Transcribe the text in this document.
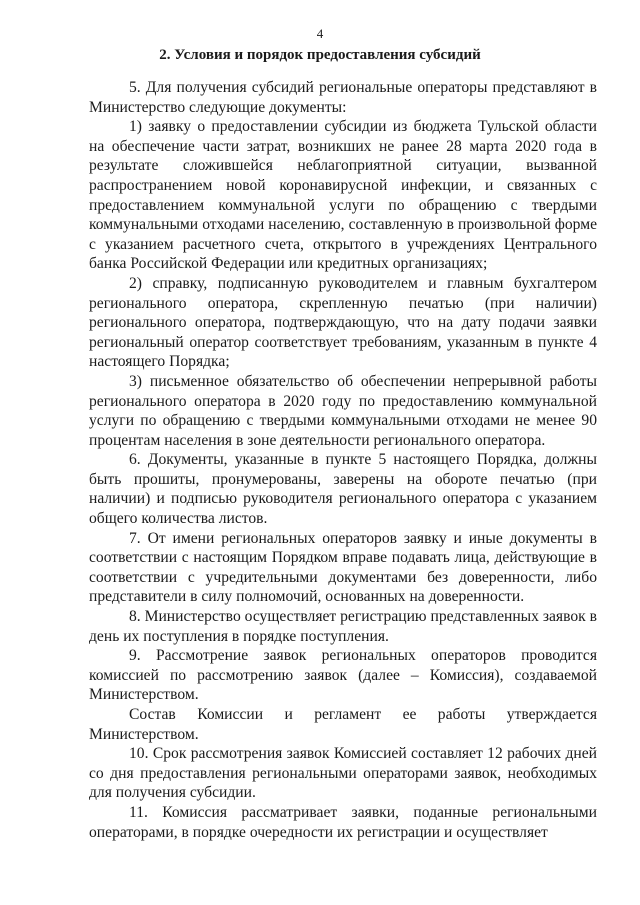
4
2. Условия и порядок предоставления субсидий

5. Для получения субсидий региональные операторы представляют в Министерство следующие документы:

1) заявку о предоставлении субсидии из бюджета Тульской области на обеспечение части затрат, возникших не ранее 28 марта 2020 года в результате сложившейся неблагоприятной ситуации, вызванной распространением новой коронавирусной инфекции, и связанных с предоставлением коммунальной услуги по обращению с твердыми коммунальными отходами населению, составленную в произвольной форме с указанием расчетного счета, открытого в учреждениях Центрального банка Российской Федерации или кредитных организациях;

2) справку, подписанную руководителем и главным бухгалтером регионального оператора, скрепленную печатью (при наличии) регионального оператора, подтверждающую, что на дату подачи заявки региональный оператор соответствует требованиям, указанным в пункте 4 настоящего Порядка;

3) письменное обязательство об обеспечении непрерывной работы регионального оператора в 2020 году по предоставлению коммунальной услуги по обращению с твердыми коммунальными отходами не менее 90 процентам населения в зоне деятельности регионального оператора.

6. Документы, указанные в пункте 5 настоящего Порядка, должны быть прошиты, пронумерованы, заверены на обороте печатью (при наличии) и подписью руководителя регионального оператора с указанием общего количества листов.

7. От имени региональных операторов заявку и иные документы в соответствии с настоящим Порядком вправе подавать лица, действующие в соответствии с учредительными документами без доверенности, либо представители в силу полномочий, основанных на доверенности.

8. Министерство осуществляет регистрацию представленных заявок в день их поступления в порядке поступления.

9. Рассмотрение заявок региональных операторов проводится комиссией по рассмотрению заявок (далее – Комиссия), создаваемой Министерством.

Состав Комиссии и регламент ее работы утверждается Министерством.

10. Срок рассмотрения заявок Комиссией составляет 12 рабочих дней со дня предоставления региональными операторами заявок, необходимых для получения субсидии.

11. Комиссия рассматривает заявки, поданные региональными операторами, в порядке очередности их регистрации и осуществляет
